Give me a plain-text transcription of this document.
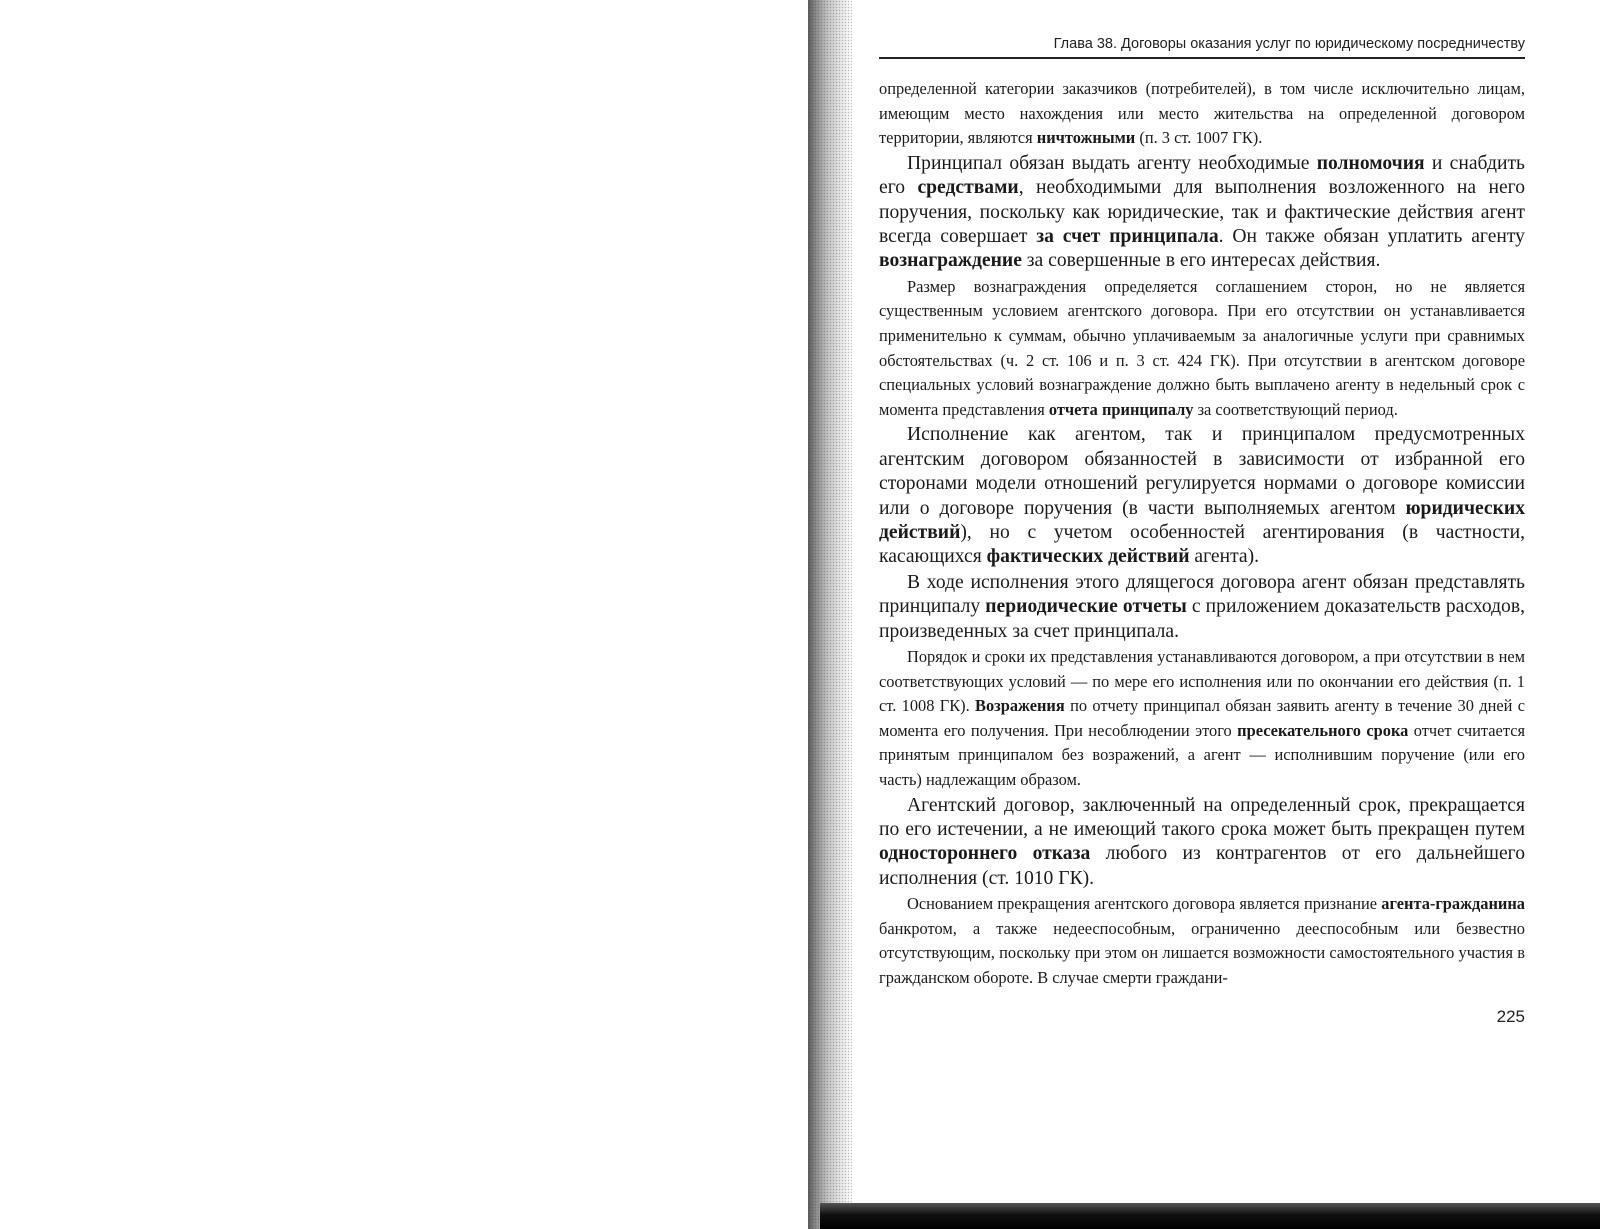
Глава 38. Договоры оказания услуг по юридическому посредничеству

определенной категории заказчиков (потребителей), в том числе исключительно лицам, имеющим место нахождения или место жительства на определенной договором территории, являются ничтожными (п. 3 ст. 1007 ГК).

Принципал обязан выдать агенту необходимые полномочия и снабдить его средствами, необходимыми для выполнения возложенного на него поручения, поскольку как юридические, так и фактические действия агент всегда совершает за счет принципала. Он также обязан уплатить агенту вознаграждение за совершенные в его интересах действия.

Размер вознаграждения определяется соглашением сторон, но не является существенным условием агентского договора. При его отсутствии он устанавливается применительно к суммам, обычно уплачиваемым за аналогичные услуги при сравнимых обстоятельствах (ч. 2 ст. 106 и п. 3 ст. 424 ГК). При отсутствии в агентском договоре специальных условий вознаграждение должно быть выплачено агенту в недельный срок с момента представления отчета принципалу за соответствующий период.

Исполнение как агентом, так и принципалом предусмотренных агентским договором обязанностей в зависимости от избранной его сторонами модели отношений регулируется нормами о договоре комиссии или о договоре поручения (в части выполняемых агентом юридических действий), но с учетом особенностей агентирования (в частности, касающихся фактических действий агента).

В ходе исполнения этого длящегося договора агент обязан представлять принципалу периодические отчеты с приложением доказательств расходов, произведенных за счет принципала.

Порядок и сроки их представления устанавливаются договором, а при отсутствии в нем соответствующих условий — по мере его исполнения или по окончании его действия (п. 1 ст. 1008 ГК). Возражения по отчету принципал обязан заявить агенту в течение 30 дней с момента его получения. При несоблюдении этого пресекательного срока отчет считается принятым принципалом без возражений, а агент — исполнившим поручение (или его часть) надлежащим образом.

Агентский договор, заключенный на определенный срок, прекращается по его истечении, а не имеющий такого срока может быть прекращен путем одностороннего отказа любого из контрагентов от его дальнейшего исполнения (ст. 1010 ГК).

Основанием прекращения агентского договора является признание агента-гражданина банкротом, а также недееспособным, ограниченно дееспособным или безвестно отсутствующим, поскольку при этом он лишается возможности самостоятельного участия в гражданском обороте. В случае смерти граждани-

225
